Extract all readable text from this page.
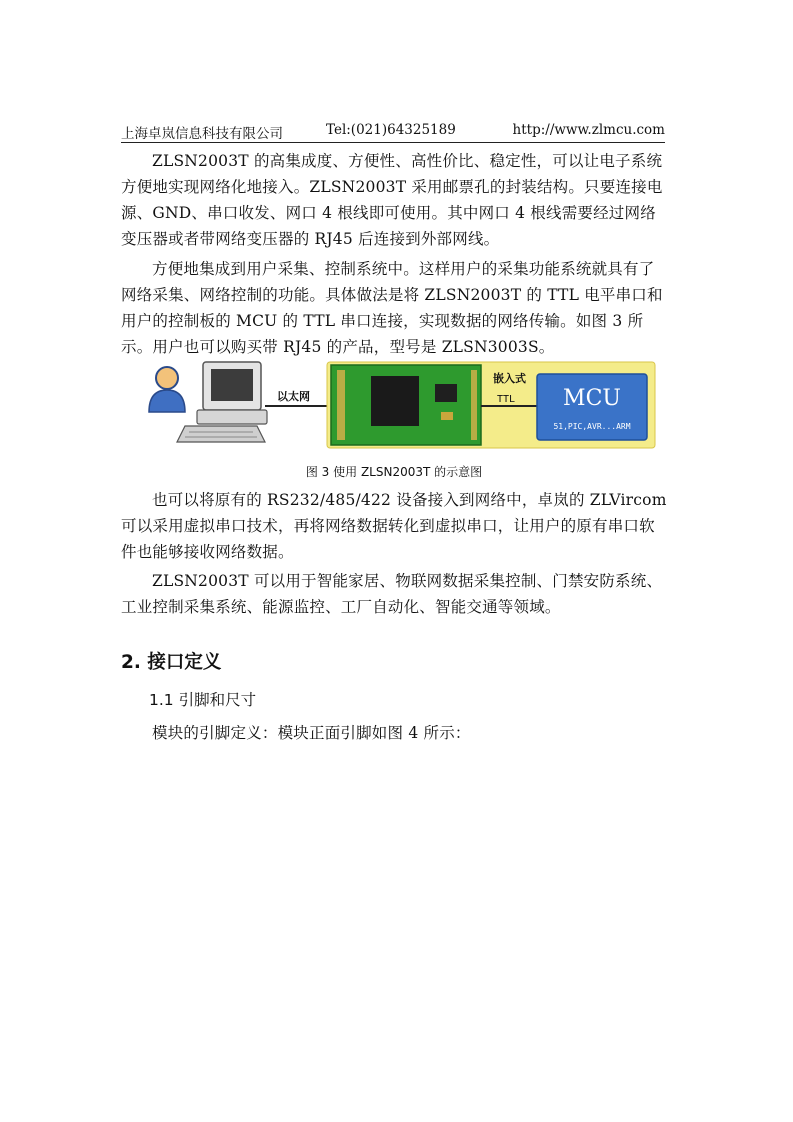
上海卓岚信息科技有限公司	Tel:(021)64325189	http://www.zlmcu.com

ZLSN2003T 的高集成度、方便性、高性价比、稳定性，可以让电子系统方便地实现网络化地接入。ZLSN2003T 采用邮票孔的封装结构。只要连接电源、GND、串口收发、网口 4 根线即可使用。其中网口 4 根线需要经过网络变压器或者带网络变压器的 RJ45 后连接到外部网线。

方便地集成到用户采集、控制系统中。这样用户的采集功能系统就具有了网络采集、网络控制的功能。具体做法是将 ZLSN2003T 的 TTL 电平串口和用户的控制板的 MCU 的 TTL 串口连接，实现数据的网络传输。如图 3 所示。用户也可以购买带 RJ45 的产品，型号是 ZLSN3003S。

以太网
嵌入式
TTL MCU
51,PIC,AVR...ARM
图 3 使用 ZLSN2003T 的示意图

也可以将原有的 RS232/485/422 设备接入到网络中，卓岚的 ZLVircom 可以采用虚拟串口技术，再将网络数据转化到虚拟串口，让用户的原有串口软件也能够接收网络数据。

ZLSN2003T 可以用于智能家居、物联网数据采集控制、门禁安防系统、工业控制采集系统、能源监控、工厂自动化、智能交通等领域。

2. 接口定义
1.1 引脚和尺寸

模块的引脚定义：模块正面引脚如图 4 所示：
